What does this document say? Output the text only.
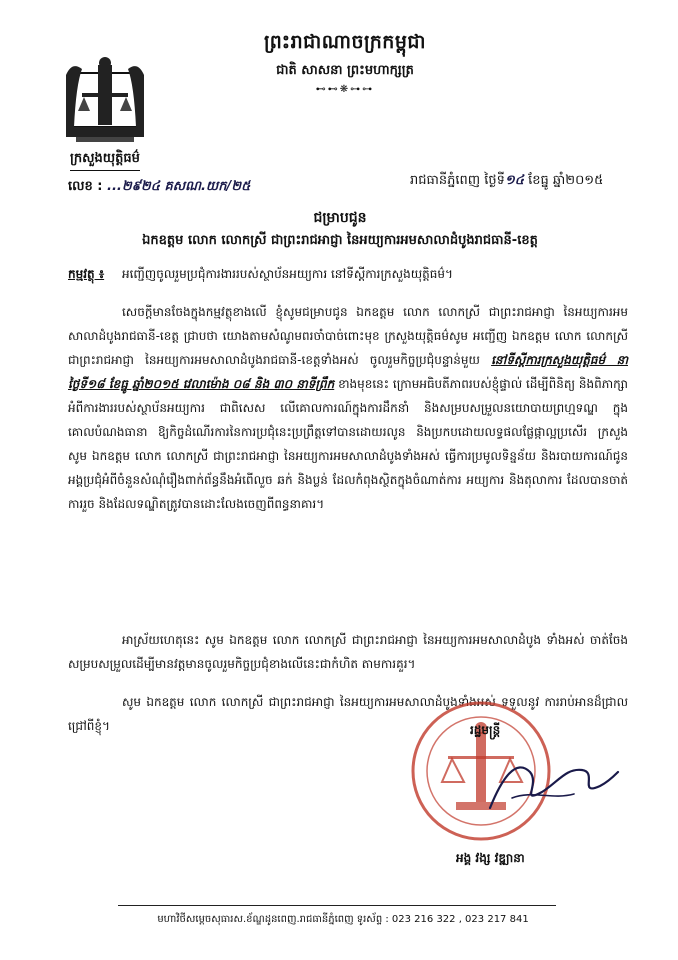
ព្រះរាជាណាចក្រកម្ពុជា
ជាតិ សាសនា ព្រះមហាក្សត្រ
⊷⊷❋⊶⊶
ក្រសួងយុត្តិធម៌
លេខ : ...២៩២៤ គសណ.យក/២៥	រាជធានីភ្នំពេញ ថ្ងៃទី១៤ ខែធ្នូ ឆ្នាំ២០១៥
ជម្រាបជូន
ឯកឧត្តម លោក លោកស្រី ជាព្រះរាជអាជ្ញា នៃអយ្យការអមសាលាដំបូងរាជធានី-ខេត្ត
កម្មវត្ថុ ៖ អញ្ជើញចូលរួមប្រជុំការងាររបស់ស្ថាប័នអយ្យការ នៅទីស្តីការក្រសួងយុត្តិធម៌។
សេចក្តីមានចែងក្នុងកម្មវត្ថុខាងលើ ខ្ញុំសូមជម្រាបជូន ឯកឧត្តម លោក លោកស្រី ជាព្រះរាជអាជ្ញា នៃអយ្យការអមសាលាដំបូងរាជធានី-ខេត្ត ជ្រាបថា យោងតាមសំណូមពរចាំបាច់ពោះមុខ ក្រសួងយុត្តិធម៌សូម អញ្ជើញ ឯកឧត្តម លោក លោកស្រី ជាព្រះរាជអាជ្ញា នៃអយ្យការអមសាលាដំបូងរាជធានី-ខេត្តទាំងអស់ ចូលរួមកិច្ចប្រជុំបន្ទាន់មួយ នៅទីស្តីការក្រសួងយុត្តិធម៌ នាថ្ងៃទី១៨ ខែធ្នូ ឆ្នាំ២០១៥ វេលាម៉ោង ០៨ និង ៣០ នាទីព្រឹក ខាងមុខនេះ ក្រោមអធិបតីភាពរបស់ខ្ញុំផ្ទាល់ ដើម្បីពិនិត្យ និងពិភាក្សាអំពីការងាររបស់ស្ថាប័នអយ្យការ ជាពិសេស លើគោលការណ៍ក្នុងការដឹកនាំ និងសម្របសម្រួលនយោបាយព្រហ្មទណ្ឌ ក្នុងគោលបំណងធានា ឱ្យកិច្ចដំណើរការនៃការប្រជុំនេះប្រព្រឹត្តទៅបានដោយរលូន និងប្រកបដោយលទ្ធផលផ្លែផ្កាល្អប្រសើរ ក្រសួង សូម ឯកឧត្តម លោក លោកស្រី ជាព្រះរាជអាជ្ញា នៃអយ្យការអមសាលាដំបូងទាំងអស់ ធ្វើការប្រមូលទិន្នន័យ និងរបាយការណ៍ជូនអង្គប្រជុំអំពីចំនួនសំណុំរឿងពាក់ព័ន្ធនឹងអំពើលួច ឆក់ និងប្លន់ ដែលកំពុងស្ថិតក្នុងចំណាត់ការ អយ្យការ និងតុលាការ ដែលបានចាត់ការរួច និងដែលទណ្ឌិតត្រូវបានដោះលែងចេញពីពន្ធនាគារ។
អាស្រ័យហេតុនេះ សូម ឯកឧត្តម លោក លោកស្រី ជាព្រះរាជអាជ្ញា នៃអយ្យការអមសាលាដំបូង ទាំងអស់ ចាត់ចែងសម្របសម្រួលដើម្បីមានវត្តមានចូលរួមកិច្ចប្រជុំខាងលើនេះជាកំហិត តាមការគួរ។
សូម ឯកឧត្តម លោក លោកស្រី ជាព្រះរាជអាជ្ញា នៃអយ្យការអមសាលាដំបូងទាំងអស់ ទទួលនូវ ការរាប់អានដ៏ជ្រាលជ្រៅពីខ្ញុំ។	រដ្ឋមន្ត្រី
អង្គ វង្ស វឌ្ឍានា
មហាវិថីសម្តេចសុធារស.ខ័ណ្ឌដូនពេញ.រាជធានីភ្នំពេញ ទូរស័ព្ទ : 023 216 322 , 023 217 841
